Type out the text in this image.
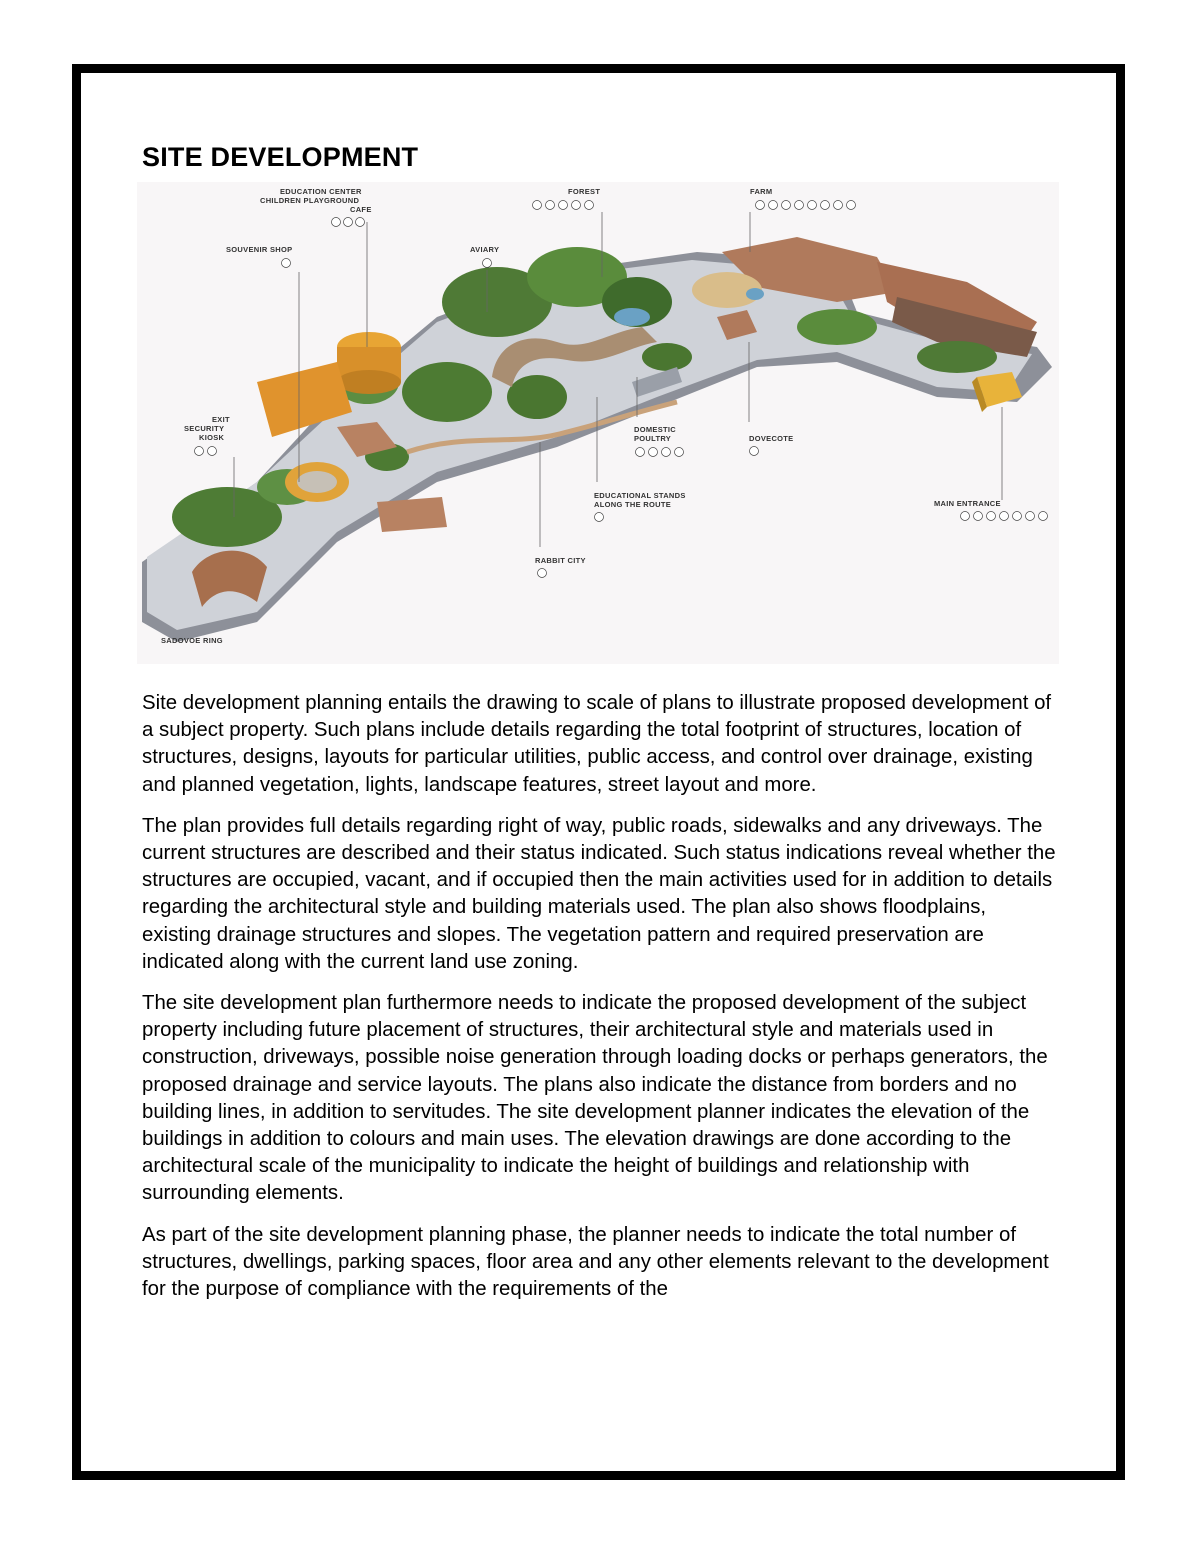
SITE DEVELOPMENT
EDUCATION CENTER
CHILDREN PLAYGROUND
CAFE
FOREST	FARM
SOUVENIR SHOP	AVIARY
EXIT
SECURITY
KIOSK
DOMESTIC
POULTRY	DOVECOTE
EDUCATIONAL STANDS
ALONG THE ROUTE	MAIN ENTRANCE
RABBIT CITY
SADOVOE RING

Site development planning entails the drawing to scale of plans to illustrate proposed development of a subject property. Such plans include details regarding the total footprint of structures, location of structures, designs, layouts for particular utilities, public access, and control over drainage, existing and planned vegetation, lights, landscape features, street layout and more.

The plan provides full details regarding right of way, public roads, sidewalks and any driveways. The current structures are described and their status indicated. Such status indications reveal whether the structures are occupied, vacant, and if occupied then the main activities used for in addition to details regarding the architectural style and building materials used. The plan also shows floodplains, existing drainage structures and slopes. The vegetation pattern and required preservation are indicated along with the current land use zoning.

The site development plan furthermore needs to indicate the proposed development of the subject property including future placement of structures, their architectural style and materials used in construction, driveways, possible noise generation through loading docks or perhaps generators, the proposed drainage and service layouts. The plans also indicate the distance from borders and no building lines, in addition to servitudes. The site development planner indicates the elevation of the buildings in addition to colours and main uses. The elevation drawings are done according to the architectural scale of the municipality to indicate the height of buildings and relationship with surrounding elements.

As part of the site development planning phase, the planner needs to indicate the total number of structures, dwellings, parking spaces, floor area and any other elements relevant to the development for the purpose of compliance with the requirements of the
